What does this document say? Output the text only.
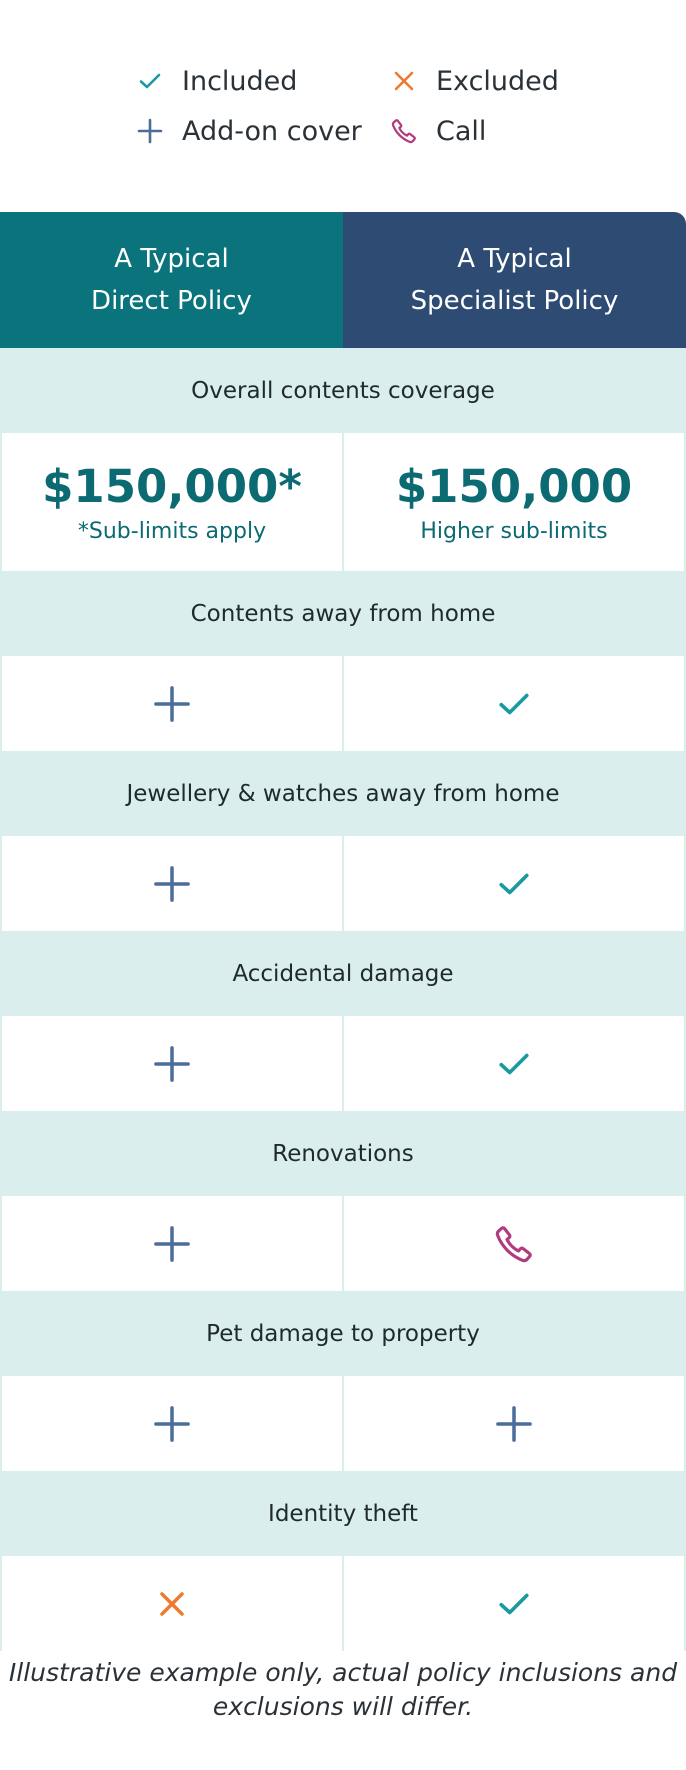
Included	Excluded
Add-on cover	Call
A Typical
Direct Policy
A Typical
Specialist Policy
Overall contents coverage
$150,000*
*Sub-limits apply
$150,000
Higher sub-limits
Contents away from home
Jewellery & watches away from home
Accidental damage
Renovations
Pet damage to property
Identity theft
Illustrative example only, actual policy inclusions and exclusions will differ.
